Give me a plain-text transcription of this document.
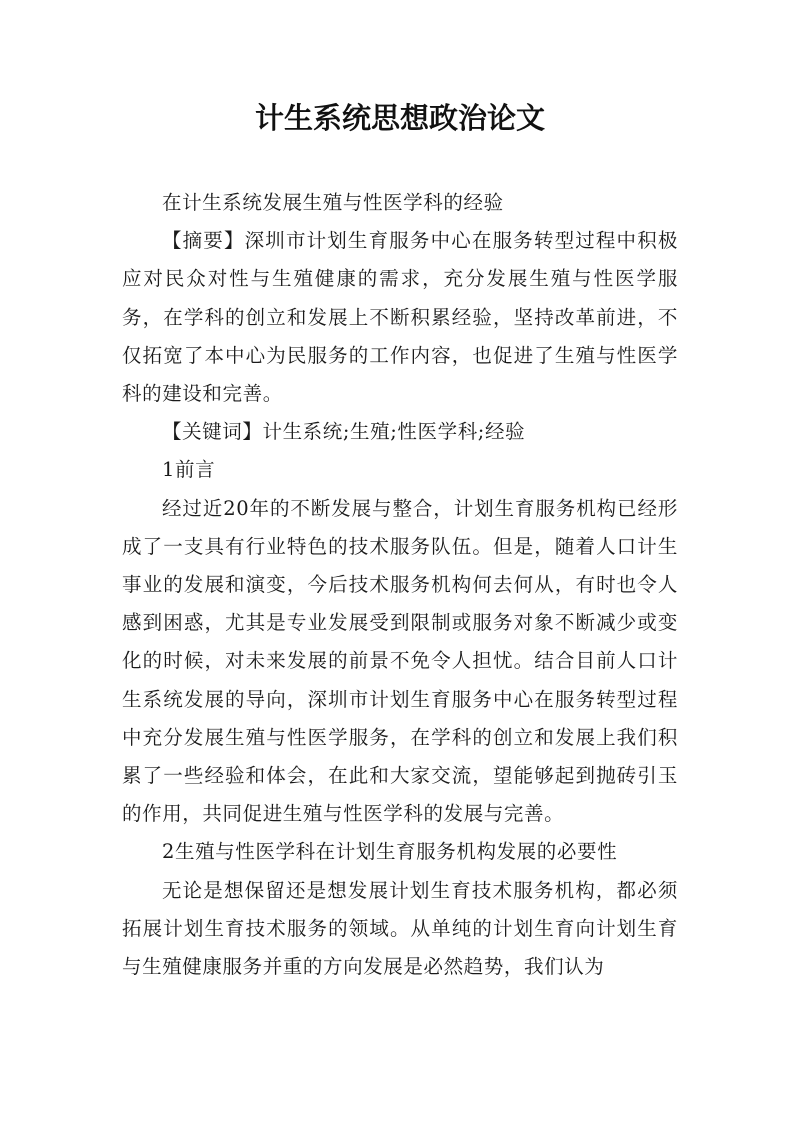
计生系统思想政治论文

在计生系统发展生殖与性医学科的经验

【摘要】深圳市计划生育服务中心在服务转型过程中积极应对民众对性与生殖健康的需求，充分发展生殖与性医学服务，在学科的创立和发展上不断积累经验，坚持改革前进，不仅拓宽了本中心为民服务的工作内容，也促进了生殖与性医学科的建设和完善。

【关键词】计生系统;生殖;性医学科;经验

1前言

经过近20年的不断发展与整合，计划生育服务机构已经形成了一支具有行业特色的技术服务队伍。但是，随着人口计生事业的发展和演变，今后技术服务机构何去何从，有时也令人感到困惑，尤其是专业发展受到限制或服务对象不断减少或变化的时候，对未来发展的前景不免令人担忧。结合目前人口计生系统发展的导向，深圳市计划生育服务中心在服务转型过程中充分发展生殖与性医学服务，在学科的创立和发展上我们积累了一些经验和体会，在此和大家交流，望能够起到抛砖引玉的作用，共同促进生殖与性医学科的发展与完善。

2生殖与性医学科在计划生育服务机构发展的必要性

无论是想保留还是想发展计划生育技术服务机构，都必须拓展计划生育技术服务的领域。从单纯的计划生育向计划生育与生殖健康服务并重的方向发展是必然趋势，我们认为
